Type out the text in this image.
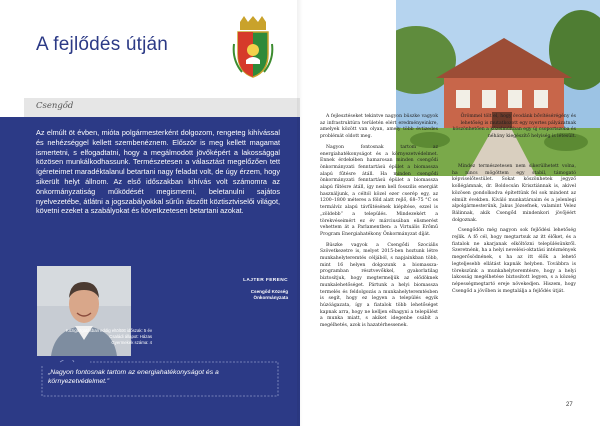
A fejlődés útján
Csengőd
Az elmúlt öt évben, mióta polgármesterként dolgozom, rengeteg kihívással és nehézséggel kellett szembenéznem. Először is meg kellett magamat ismertetni, s elfogadtatni, hogy a megálmodott jövőképért a lakossággal közösen munkálkodhassunk. Természetesen a választást megelőzően tett ígéreteimet maradéktalanul betartani nagy feladat volt, de úgy érzem, hogy sikerült helyt állnom. Az első időszakban kihívás volt számomra az önkormányzatiság működését megismerni, beletanulni sajátos nyelvezetébe, átlátni a jogszabályokkal sűrűn átszőtt köztisztviselői világot, követni ezeket a szabályokat és követkzetesen betartani azokat.
LAJTER FERENC
Csengőd Község
Önkormányzata
Közigazgatásban eddig eltöltött időszak: 5 év
Családi állapot: Házas
Gyermekek száma: 4
„Nagyon fontosnak tartom az energiahatékonyságot és a környezetvédelmet.”

A fejlesztéseket tekintve nagyon büszke vagyok az infrastruktúra területén elért eredményeinkre, amelyek között van olyan, amely több évtizedes problémát oldott meg.

Nagyon fontosnak tartom az energiahatékonyságot és a környezetvédelmet. Ennek érdekében hamarosan minden csengődi önkormányzati fenntartású épület a biomassza alapú fűtésre átáll. Ha minden csengődi önkormányzati fenntartású épület a biomassza alapú fűtésre átáll, így nem kell fosszilis energiát használjunk, a céltól közel ezer cserép egy, az 1200–1800 méteres a föld alatt rejlő, 68–75 °C os termálvíz alapú távfűtésének kiépítése, ezzel is „zöldebb” a település. Mindezekért a törekvéseimért ez év márciusában elismerést vehettem át a Parlamentben: a Virtuális Erőmű Program Energiahatékony Önkormányzat díját.

Büszke vagyok a Csengődi Szociális Szövetkezetre is, melyet 2015-ben hoztunk létre munkahelyteremtés céljából, s napjainkban több, mint 16 helyen dolgozunk a biomassza-programban résztvevőkkel, gyakorlatilag biztosítjuk, hogy megtermeljük az elődöknek munkalehetőséget. Pártunk a helyi biomassza termelés és feldolgozás a munkahelyteremtésben is segít, hogy ez legyen a település egyik húzóágazata, így a fiatalok több lehetőséget kapnak arra, hogy ne kelljen elhagyni a települést a munka miatt, s akiket idegenbe csábít a megélhetés, azok is hazatérhessenek.

Örömmel tölt el, hogy óvodánk bővítésérégény és lehetőség is mutatkozott egy nyertes pályázatnak köszönhetően a közelmúltban egy új csoportszoba és néhány kiegészítő helyiség is létesült.

Mindez természetesen nem sikerülhetett volna, ha nincs mögöttem egy stabil, támogató képviselőtestület. Sokat köszönhetek jegyző kollégámnak, dr. Boldocsán Krisztiánnak is, akivel közösen gondolkodva építettünk fel sok mindent az elmúlt években. Kiváló munkatársaim és a jelenlegi alpolgármesterünk, Jakus Józsefnek, valamint Velez Bálinnak, akik Csengőd mindenkori jövőjéért dolgoznak.

Csengődön még nagyon sok fejlődési lehetőség rejlik. A fő cél, hogy megtartsuk az itt élőket, és a fiatalok ne akarjanak elköltözni településünkről. Szeretnénk, ha a helyi nevelési-oktatási intézmények megerősödnének, s ha az itt élők a lehető legteljesebb ellátást kapnák helyben. Továbbra is törekszünk a munkahelyteremtésre, hogy a helyi lakosság megélhetése biztosított legyen, s a község népességmegtartó ereje növekedjen. Hiszem, hogy Csengőd a jövőben is megtalálja a fejlődés útját.

27
